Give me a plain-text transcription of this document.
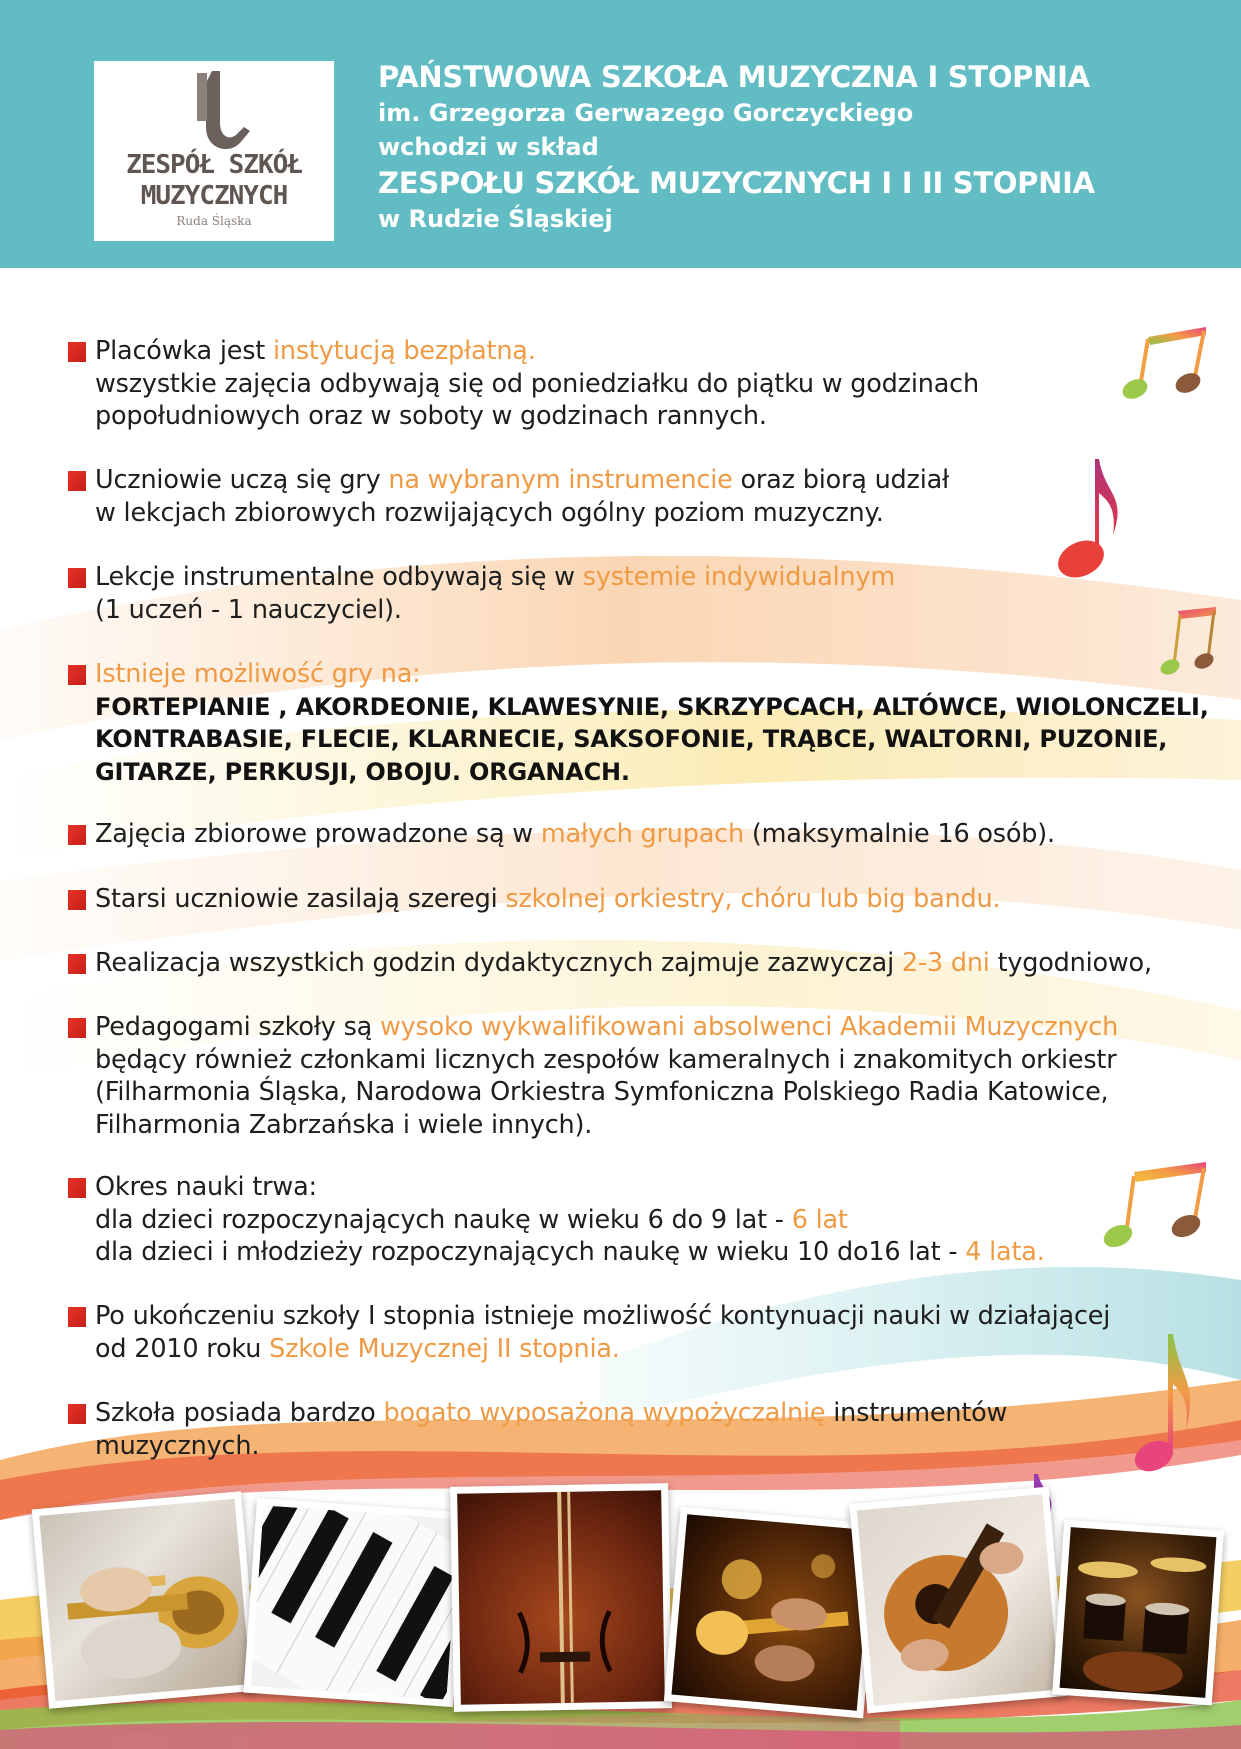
ZSM
ZESPÓŁ SZKÓŁ
MUZYCZNYCH
Ruda Śląska
PAŃSTWOWA SZKOŁA MUZYCZNA I STOPNIA
im. Grzegorza Gerwazego Gorczyckiego
wchodzi w skład
ZESPOŁU SZKÓŁ MUZYCZNYCH I I II STOPNIA
w Rudzie Śląskiej
Placówka jest instytucją bezpłatną.
wszystkie zajęcia odbywają się od poniedziałku do piątku w godzinach
popołudniowych oraz w soboty w godzinach rannych.
Uczniowie uczą się gry na wybranym instrumencie oraz biorą udział
w lekcjach zbiorowych rozwijających ogólny poziom muzyczny.
Lekcje instrumentalne odbywają się w systemie indywidualnym
(1 uczeń - 1 nauczyciel).
Istnieje możliwość gry na:
FORTEPIANIE , AKORDEONIE, KLAWESYNIE, SKRZYPCACH, ALTÓWCE, WIOLONCZELI,
KONTRABASIE, FLECIE, KLARNECIE, SAKSOFONIE, TRĄBCE, WALTORNI, PUZONIE,
GITARZE, PERKUSJI, OBOJU. ORGANACH.
Zajęcia zbiorowe prowadzone są w małych grupach (maksymalnie 16 osób).
Starsi uczniowie zasilają szeregi szkolnej orkiestry, chóru lub big bandu.
Realizacja wszystkich godzin dydaktycznych zajmuje zazwyczaj 2-3 dni tygodniowo,
Pedagogami szkoły są wysoko wykwalifikowani absolwenci Akademii Muzycznych
będący również członkami licznych zespołów kameralnych i znakomitych orkiestr
(Filharmonia Śląska, Narodowa Orkiestra Symfoniczna Polskiego Radia Katowice,
Filharmonia Zabrzańska i wiele innych).
Okres nauki trwa:
dla dzieci rozpoczynających naukę w wieku 6 do 9 lat - 6 lat
dla dzieci i młodzieży rozpoczynających naukę w wieku 10 do16 lat - 4 lata.
Po ukończeniu szkoły I stopnia istnieje możliwość kontynuacji nauki w działającej
od 2010 roku Szkole Muzycznej II stopnia.
Szkoła posiada bardzo bogato wyposażoną wypożyczalnię instrumentów
muzycznych.
